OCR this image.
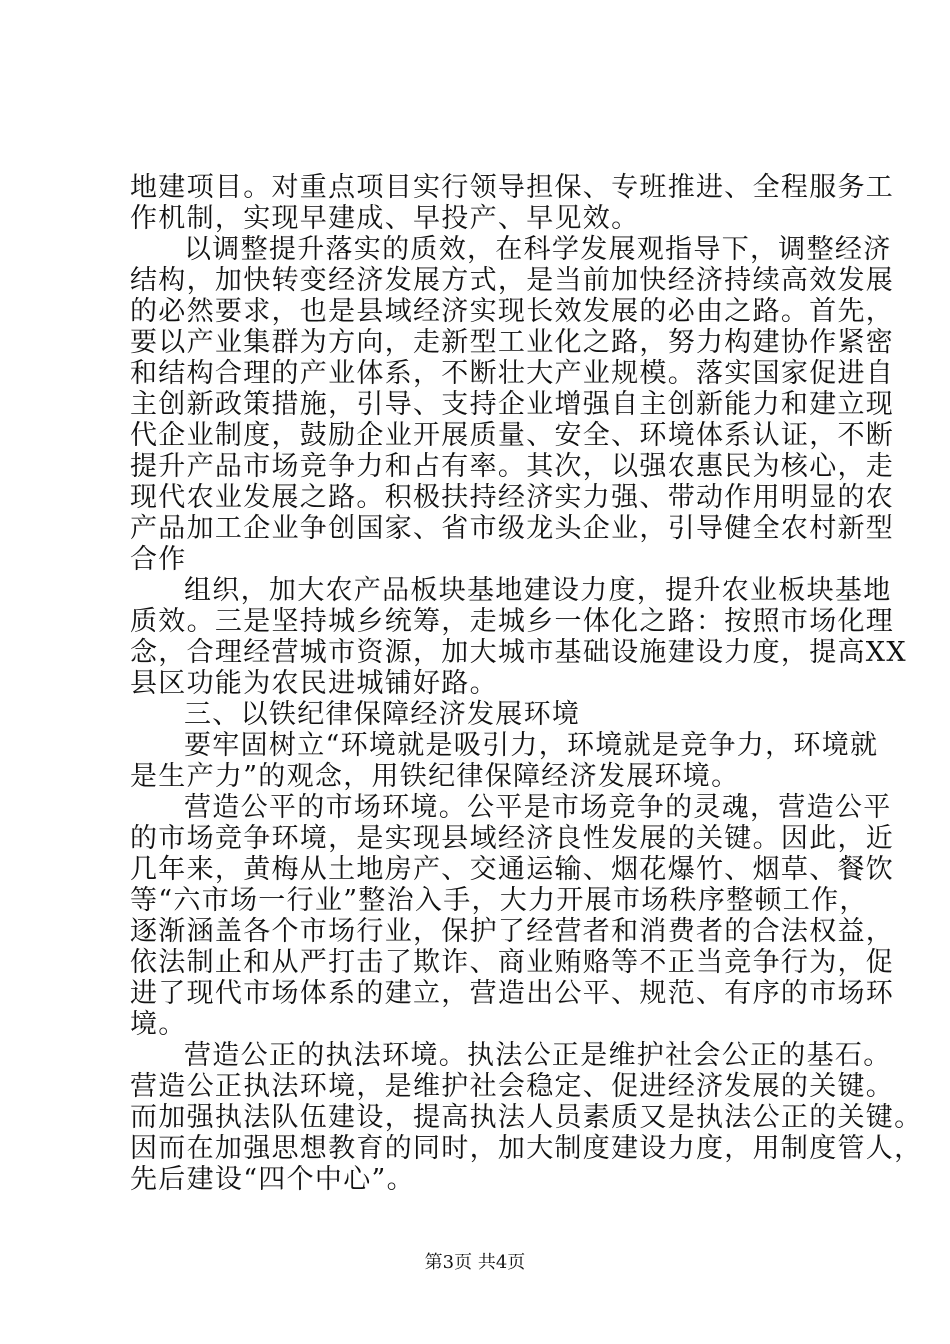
地建项目。对重点项目实行领导担保、专班推进、全程服务工
作机制，实现早建成、早投产、早见效。
以调整提升落实的质效，在科学发展观指导下，调整经济
结构，加快转变经济发展方式，是当前加快经济持续高效发展
的必然要求，也是县域经济实现长效发展的必由之路。首先，
要以产业集群为方向，走新型工业化之路，努力构建协作紧密
和结构合理的产业体系，不断壮大产业规模。落实国家促进自
主创新政策措施，引导、支持企业增强自主创新能力和建立现
代企业制度，鼓励企业开展质量、安全、环境体系认证，不断
提升产品市场竞争力和占有率。其次，以强农惠民为核心，走
现代农业发展之路。积极扶持经济实力强、带动作用明显的农
产品加工企业争创国家、省市级龙头企业，引导健全农村新型
合作
组织，加大农产品板块基地建设力度，提升农业板块基地
质效。三是坚持城乡统筹，走城乡一体化之路：按照市场化理
念，合理经营城市资源，加大城市基础设施建设力度，提高XX
县区功能为农民进城铺好路。
三、以铁纪律保障经济发展环境
要牢固树立“环境就是吸引力，环境就是竞争力，环境就
是生产力”的观念，用铁纪律保障经济发展环境。
营造公平的市场环境。公平是市场竞争的灵魂，营造公平
的市场竞争环境，是实现县域经济良性发展的关键。因此，近
几年来，黄梅从土地房产、交通运输、烟花爆竹、烟草、餐饮
等“六市场一行业”整治入手，大力开展市场秩序整顿工作，
逐渐涵盖各个市场行业，保护了经营者和消费者的合法权益，
依法制止和从严打击了欺诈、商业贿赂等不正当竞争行为，促
进了现代市场体系的建立，营造出公平、规范、有序的市场环
境。
营造公正的执法环境。执法公正是维护社会公正的基石。
营造公正执法环境，是维护社会稳定、促进经济发展的关键。
而加强执法队伍建设，提高执法人员素质又是执法公正的关键。
因而在加强思想教育的同时，加大制度建设力度，用制度管人，
先后建设“四个中心”。
第3页 共4页
